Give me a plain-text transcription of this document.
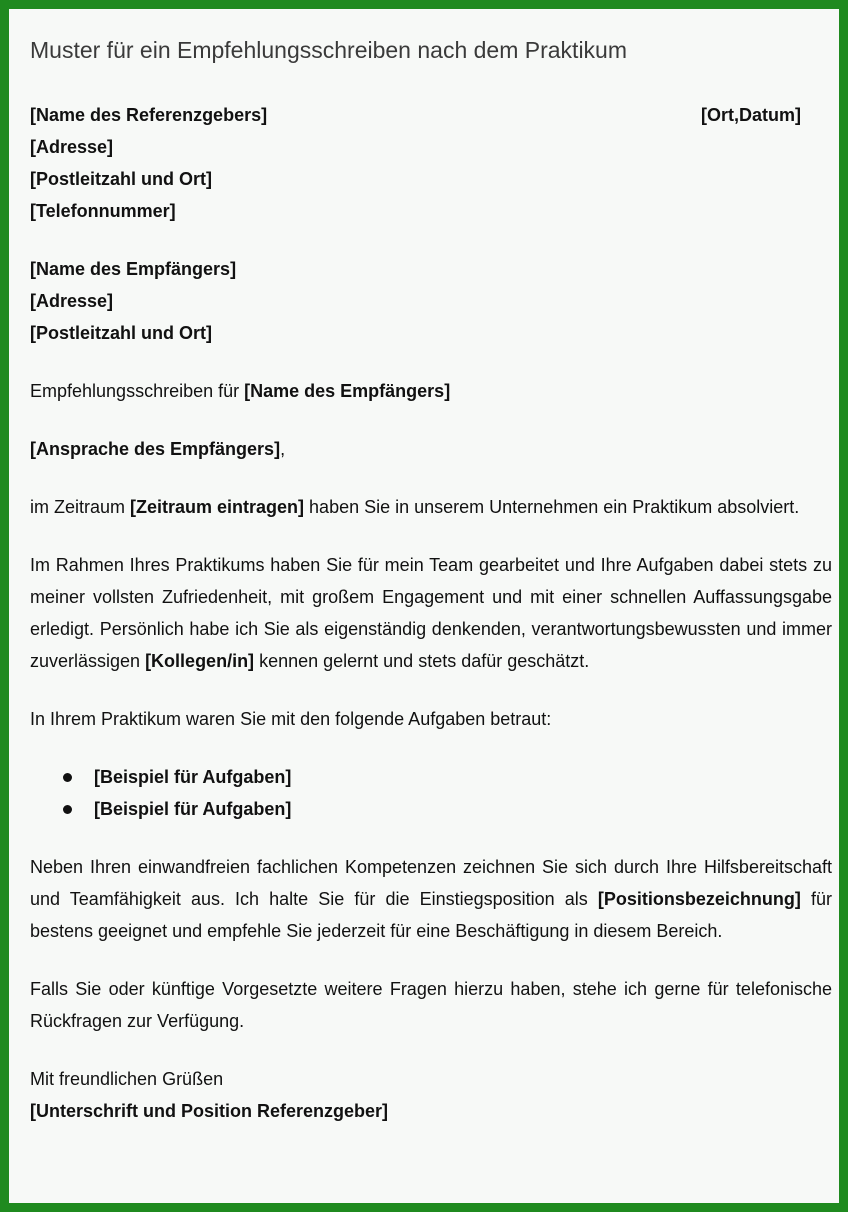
Muster für ein Empfehlungsschreiben nach dem Praktikum
[Name des Referenzgebers]	[Ort,Datum]
[Adresse]
[Postleitzahl und Ort]
[Telefonnummer]
[Name des Empfängers]
[Adresse]
[Postleitzahl und Ort]
Empfehlungsschreiben für [Name des Empfängers]
[Ansprache des Empfängers],
im Zeitraum [Zeitraum eintragen] haben Sie in unserem Unternehmen ein Praktikum absolviert.
Im Rahmen Ihres Praktikums haben Sie für mein Team gearbeitet und Ihre Aufgaben dabei stets zu meiner vollsten Zufriedenheit, mit großem Engagement und mit einer schnellen Auffassungsgabe erledigt. Persönlich habe ich Sie als eigenständig denkenden, verantwortungsbewussten und immer zuverlässigen [Kollegen/in] kennen gelernt und stets dafür geschätzt.
In Ihrem Praktikum waren Sie mit den folgende Aufgaben betraut:
[Beispiel für Aufgaben]
[Beispiel für Aufgaben]
Neben Ihren einwandfreien fachlichen Kompetenzen zeichnen Sie sich durch Ihre Hilfsbereitschaft und Teamfähigkeit aus. Ich halte Sie für die Einstiegsposition als [Positionsbezeichnung] für bestens geeignet und empfehle Sie jederzeit für eine Beschäftigung in diesem Bereich.
Falls Sie oder künftige Vorgesetzte weitere Fragen hierzu haben, stehe ich gerne für telefonische Rückfragen zur Verfügung.
Mit freundlichen Grüßen
[Unterschrift und Position Referenzgeber]
